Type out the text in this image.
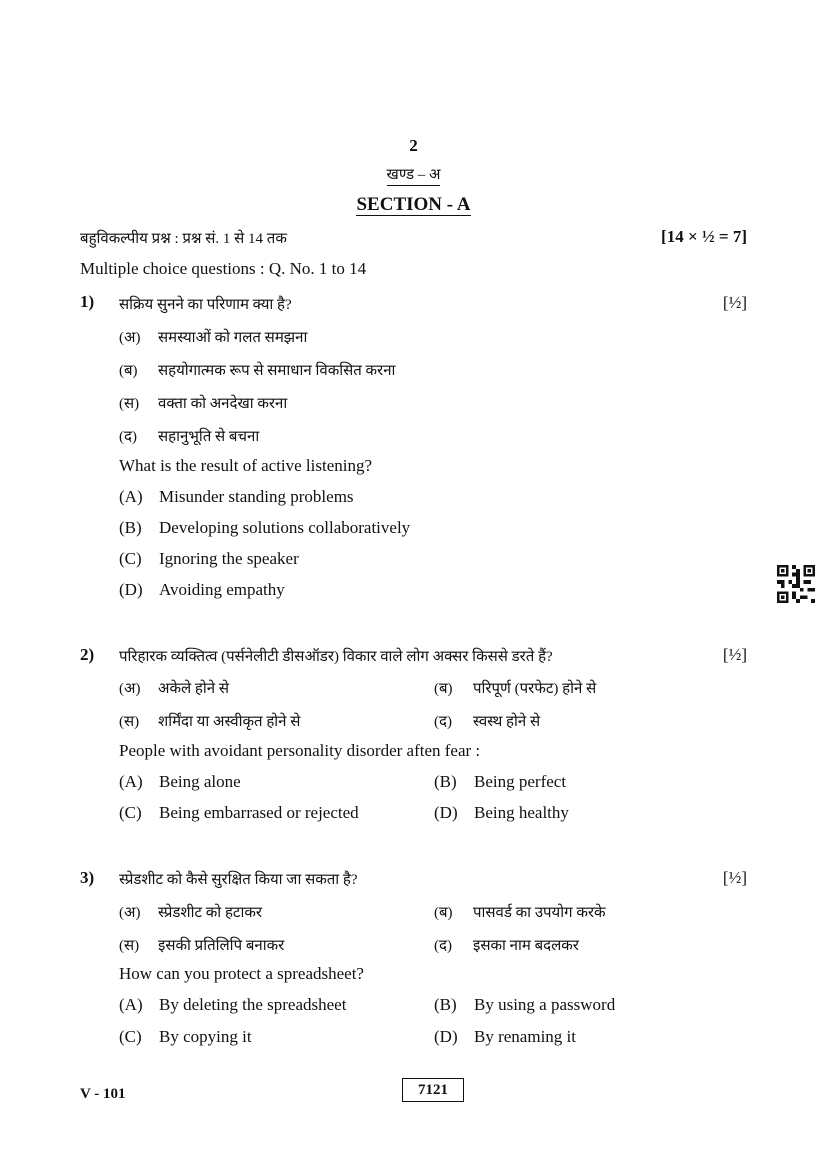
2
खण्ड – अ
SECTION - A
बहुविकल्पीय प्रश्न : प्रश्न सं. 1 से 14 तक	[14 × ½ = 7]
Multiple choice questions : Q. No. 1 to 14
1) सक्रिय सुनने का परिणाम क्या है?	[½]
(अ) समस्याओं को गलत समझना
(ब) सहयोगात्मक रूप से समाधान विकसित करना
(स) वक्ता को अनदेखा करना
(द) सहानुभूति से बचना
What is the result of active listening?
(A) Misunder standing problems
(B) Developing solutions collaboratively
(C) Ignoring the speaker
(D) Avoiding empathy
2) परिहारक व्यक्तित्व (पर्सनेलीटी डीसऑडर) विकार वाले लोग अक्सर किससे डरते हैं?	[½]
(अ) अकेले होने से	(ब) परिपूर्ण (परफेट) होने से
(स) शर्मिंदा या अस्वीकृत होने से	(द) स्वस्थ होने से
People with avoidant personality disorder aften fear :
(A) Being alone	(B) Being perfect
(C) Being embarrased or rejected	(D) Being healthy
3) स्प्रेडशीट को कैसे सुरक्षित किया जा सकता है?	[½]
(अ) स्प्रेडशीट को हटाकर	(ब) पासवर्ड का उपयोग करके
(स) इसकी प्रतिलिपि बनाकर	(द) इसका नाम बदलकर
How can you protect a spreadsheet?
(A) By deleting the spreadsheet	(B) By using a password
(C) By copying it	(D) By renaming it
V - 101	7121
